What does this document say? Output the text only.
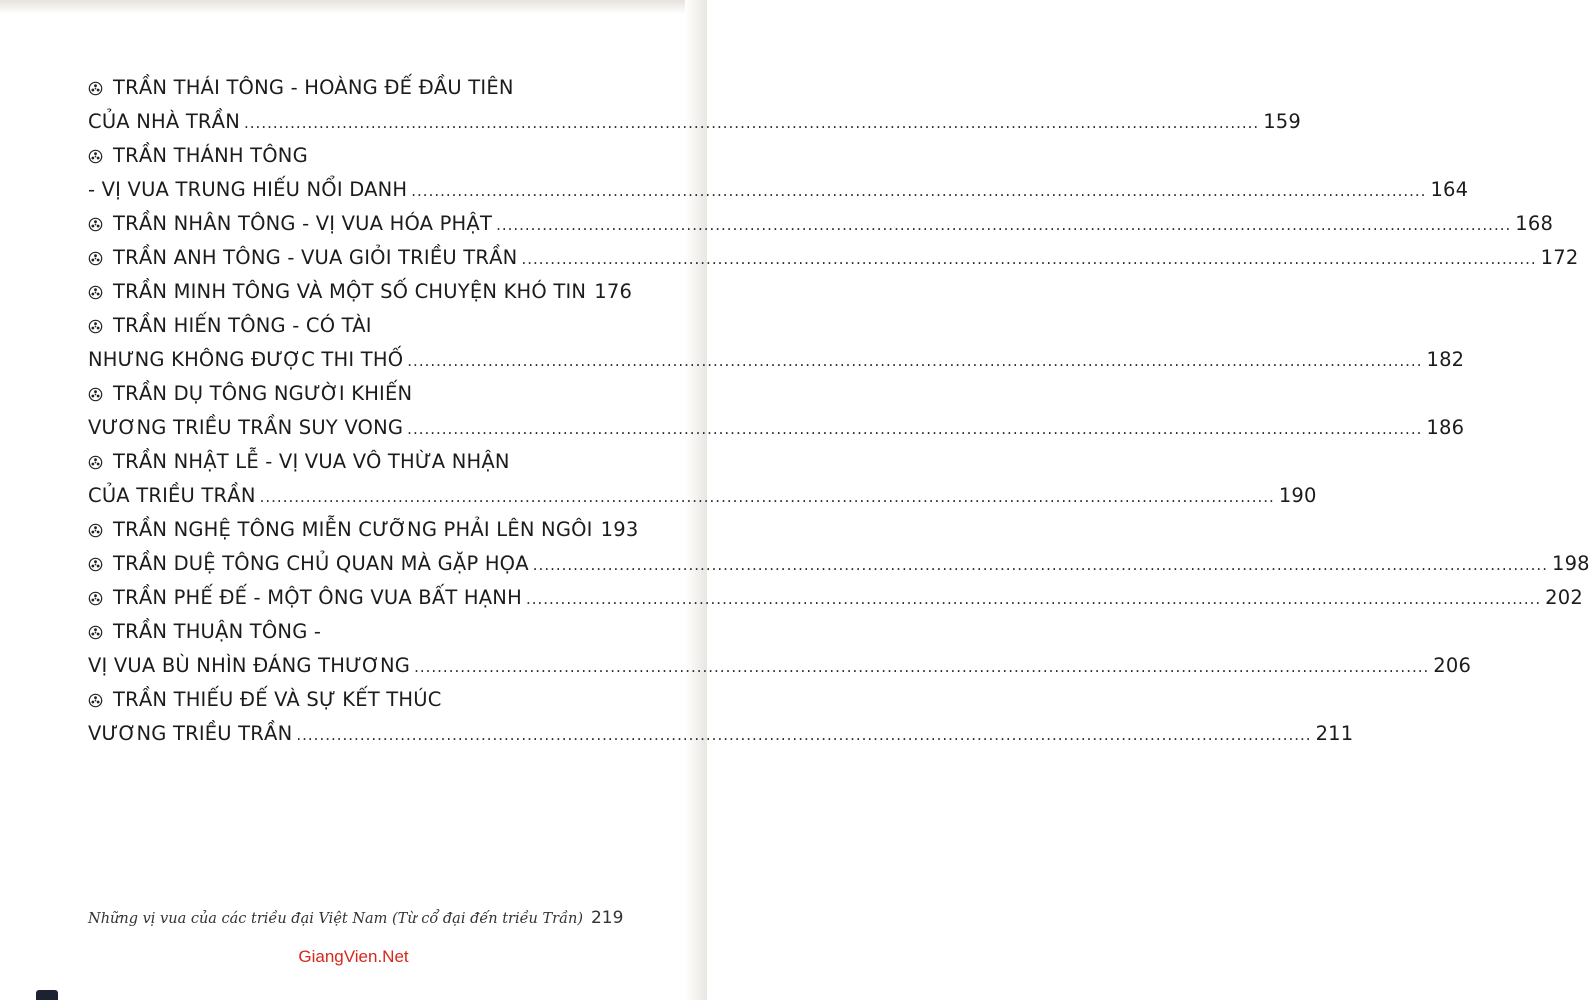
TRẦN THÁI TÔNG - HOÀNG ĐẾ ĐẦU TIÊN
CỦA NHÀ TRẦN .....	159
TRẦN THÁNH TÔNG
- VỊ VUA TRUNG HIẾU NỔI DANH .....	164
TRẦN NHÂN TÔNG - VỊ VUA HÓA PHẬT .....	168
TRẦN ANH TÔNG - VUA GIỎI TRIỀU TRẦN .....	172
TRẦN MINH TÔNG VÀ MỘT SỐ CHUYỆN KHÓ TIN 176
TRẦN HIẾN TÔNG - CÓ TÀI
NHƯNG KHÔNG ĐƯỢC THI THỐ .....	182
TRẦN DỤ TÔNG NGƯỜI KHIẾN
VƯƠNG TRIỀU TRẦN SUY VONG .....	186
TRẦN NHẬT LỄ - VỊ VUA VÔ THỪA NHẬN
CỦA TRIỀU TRẦN .....	190
TRẦN NGHỆ TÔNG MIỄN CƯỠNG PHẢI LÊN NGÔI 193
TRẦN DUỆ TÔNG CHỦ QUAN MÀ GẶP HỌA .....	198
TRẦN PHẾ ĐẾ - MỘT ÔNG VUA BẤT HẠNH .....	202
TRẦN THUẬN TÔNG -
VỊ VUA BÙ NHÌN ĐÁNG THƯƠNG .....	206
TRẦN THIẾU ĐẾ VÀ SỰ KẾT THÚC
VƯƠNG TRIỀU TRẦN .....	211
Những vị vua của các triều đại Việt Nam (Từ cổ đại đến triều Trần) 219
GiangVien.Net
